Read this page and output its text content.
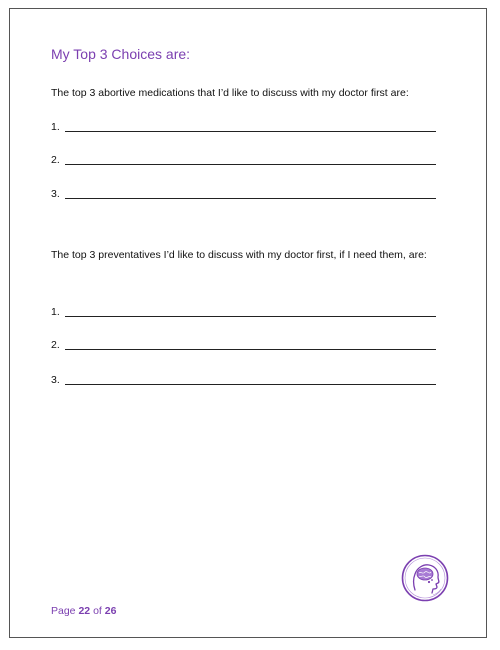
My Top 3 Choices are:
The top 3 abortive medications that I’d like to discuss with my doctor first are:
1.
2.
3.
The top 3 preventatives I’d like to discuss with my doctor first, if I need them, are:
1.
2.
3.
Page 22 of 26
